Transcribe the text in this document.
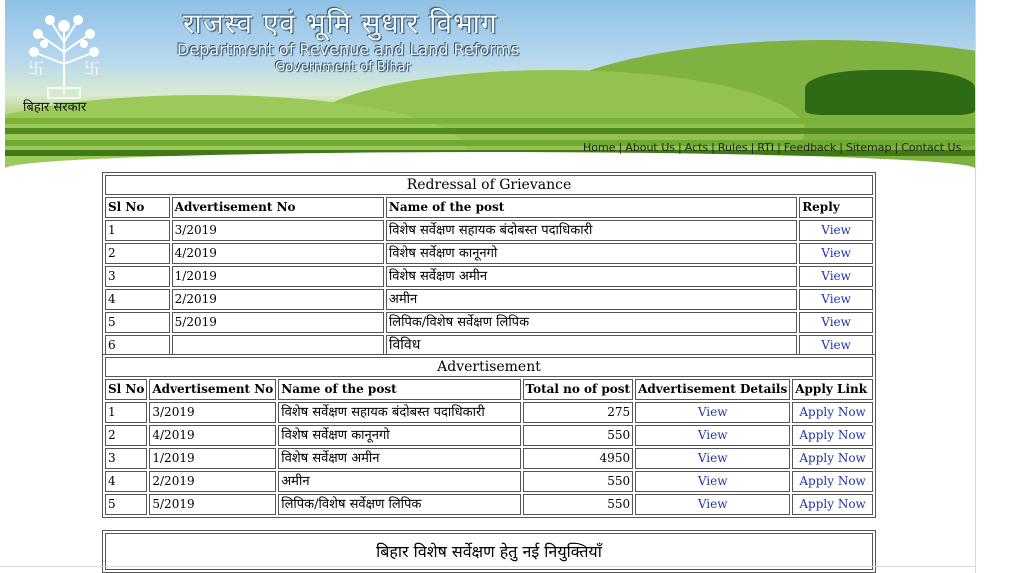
卐 卐
बिहार सरकार
राजस्व एवं भूमि सुधार विभाग
Department of Revenue and Land Reforms
Government of Bihar
Home | About Us | Acts | Rules | RTI | Feedback | Sitemap | Contact Us
Redressal of Grievance			
Sl No	Advertisement No	Name of the post	Reply
1	3/2019	विशेष सर्वेक्षण सहायक बंदोबस्त पदाधिकारी	View
2	4/2019	विशेष सर्वेक्षण कानूनगो	View
3	1/2019	विशेष सर्वेक्षण अमीन	View
4	2/2019	अमीन	View
5	5/2019	लिपिक/विशेष सर्वेक्षण लिपिक	View
6		विविध	View
Advertisement					
Sl No	Advertisement No	Name of the post	Total no of post	Advertisement Details	Apply Link
1	3/2019	विशेष सर्वेक्षण सहायक बंदोबस्त पदाधिकारी	275	View	Apply Now
2	4/2019	विशेष सर्वेक्षण कानूनगो	550	View	Apply Now
3	1/2019	विशेष सर्वेक्षण अमीन	4950	View	Apply Now
4	2/2019	अमीन	550	View	Apply Now
5	5/2019	लिपिक/विशेष सर्वेक्षण लिपिक	550	View	Apply Now
बिहार विशेष सर्वेक्षण हेतु नई नियुक्तियाँ
